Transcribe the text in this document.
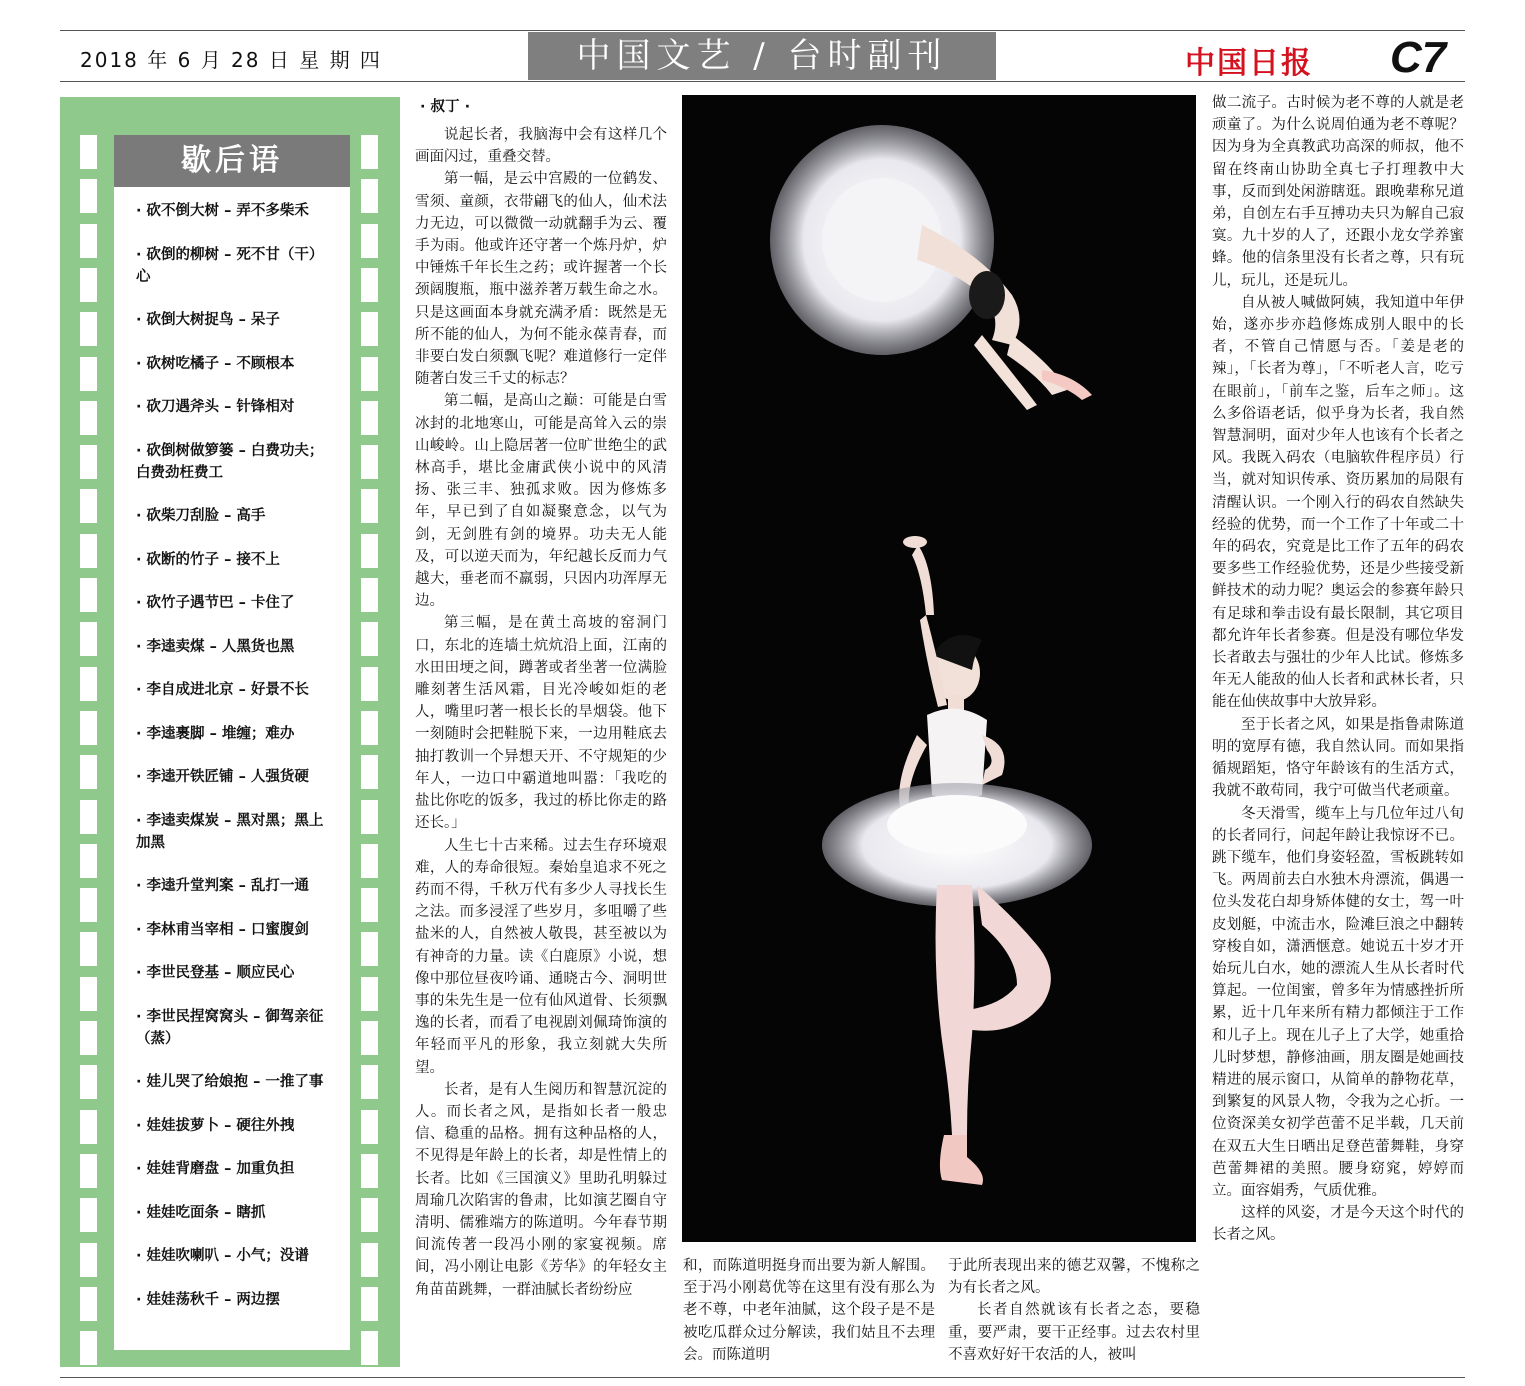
2018 年 6 月 28 日 星 期 四	中国文艺 / 台时副刊	中国日报 C7
歇后语
· 砍不倒大树 – 弄不多柴禾
· 砍倒的柳树 – 死不甘（干）心
· 砍倒大树捉鸟 – 呆子
· 砍树吃橘子 – 不顾根本
· 砍刀遇斧头 – 针锋相对
· 砍倒树做箩篓 – 白费功夫；白费劲枉费工
· 砍柴刀刮脸 – 高手
· 砍断的竹子 – 接不上
· 砍竹子遇节巴 – 卡住了
· 李逵卖煤 – 人黑货也黑
· 李自成进北京 – 好景不长
· 李逵裹脚 – 堆缠；难办
· 李逵开铁匠铺 – 人强货硬
· 李逵卖煤炭 – 黑对黑；黑上加黑
· 李逵升堂判案 – 乱打一通
· 李林甫当宰相 – 口蜜腹剑
· 李世民登基 – 顺应民心
· 李世民捏窝窝头 – 御驾亲征（蒸）
· 娃儿哭了给娘抱 – 一推了事
· 娃娃拔萝卜 – 硬往外拽
· 娃娃背磨盘 – 加重负担
· 娃娃吃面条 – 瞎抓
· 娃娃吹喇叭 – 小气；没谱
· 娃娃荡秋千 – 两边摆
· 叔丁 ·

说起长者，我脑海中会有这样几个画面闪过，重叠交替。

第一幅，是云中宫殿的一位鹤发、雪须、童颜，衣带翩飞的仙人，仙术法力无边，可以微微一动就翻手为云、覆手为雨。他或许还守著一个炼丹炉，炉中锤炼千年长生之药；或许握著一个长颈阔腹瓶，瓶中滋养著万载生命之水。只是这画面本身就充满矛盾：既然是无所不能的仙人，为何不能永葆青春，而非要白发白须飘飞呢？难道修行一定伴随著白发三千丈的标志？

第二幅，是高山之巅：可能是白雪冰封的北地寒山，可能是高耸入云的崇山峻岭。山上隐居著一位旷世绝尘的武林高手，堪比金庸武侠小说中的风清扬、张三丰、独孤求败。因为修炼多年，早已到了自如凝聚意念，以气为剑，无剑胜有剑的境界。功夫无人能及，可以逆天而为，年纪越长反而力气越大，垂老而不羸弱，只因内功浑厚无边。

第三幅，是在黄土高坡的窑洞门口，东北的连墙土炕炕沿上面，江南的水田田埂之间，蹲著或者坐著一位满脸雕刻著生活风霜，目光冷峻如炬的老人，嘴里叼著一根长长的旱烟袋。他下一刻随时会把鞋脱下来，一边用鞋底去抽打教训一个异想天开、不守规矩的少年人，一边口中霸道地叫嚣：「我吃的盐比你吃的饭多，我过的桥比你走的路还长。」

人生七十古来稀。过去生存环境艰难，人的寿命很短。秦始皇追求不死之药而不得，千秋万代有多少人寻找长生之法。而多浸淫了些岁月，多咀嚼了些盐米的人，自然被人敬畏，甚至被以为有神奇的力量。读《白鹿原》小说，想像中那位昼夜吟诵、通晓古今、洞明世事的朱先生是一位有仙风道骨、长须飘逸的长者，而看了电视剧刘佩琦饰演的年轻而平凡的形象，我立刻就大失所望。

长者，是有人生阅历和智慧沉淀的人。而长者之风，是指如长者一般忠信、稳重的品格。拥有这种品格的人，不见得是年龄上的长者，却是性情上的长者。比如《三国演义》里助孔明躲过周瑜几次陷害的鲁肃，比如演艺圈自守清明、儒雅端方的陈道明。今年春节期间流传著一段冯小刚的家宴视频。席间，冯小刚让电影《芳华》的年轻女主角苗苗跳舞，一群油腻长者纷纷应

和，而陈道明挺身而出要为新人解围。至于冯小刚葛优等在这里有没有那么为老不尊，中老年油腻，这个段子是不是被吃瓜群众过分解读，我们姑且不去理会。而陈道明

于此所表现出来的德艺双馨，不愧称之为有长者之风。

长者自然就该有长者之态，要稳重，要严肃，要干正经事。过去农村里不喜欢好好干农活的人，被叫

做二流子。古时候为老不尊的人就是老顽童了。为什么说周伯通为老不尊呢？因为身为全真教武功高深的师叔，他不留在终南山协助全真七子打理教中大事，反而到处闲游瞎逛。跟晚辈称兄道弟，自创左右手互搏功夫只为解自己寂寞。九十岁的人了，还跟小龙女学养蜜蜂。他的信条里没有长者之尊，只有玩儿，玩儿，还是玩儿。

自从被人喊做阿姨，我知道中年伊始，遂亦步亦趋修炼成别人眼中的长者，不管自己情愿与否。「姜是老的辣」，「长者为尊」，「不听老人言，吃亏在眼前」，「前车之鉴，后车之师」。这么多俗语老话，似乎身为长者，我自然智慧洞明，面对少年人也该有个长者之风。我既入码农（电脑软件程序员）行当，就对知识传承、资历累加的局限有清醒认识。一个刚入行的码农自然缺失经验的优势，而一个工作了十年或二十年的码农，究竟是比工作了五年的码农要多些工作经验优势，还是少些接受新鲜技术的动力呢？奥运会的参赛年龄只有足球和拳击设有最长限制，其它项目都允许年长者参赛。但是没有哪位华发长者敢去与强壮的少年人比试。修炼多年无人能敌的仙人长者和武林长者，只能在仙侠故事中大放异彩。

至于长者之风，如果是指鲁肃陈道明的宽厚有德，我自然认同。而如果指循规蹈矩，恪守年龄该有的生活方式，我就不敢苟同，我宁可做当代老顽童。

冬天滑雪，缆车上与几位年过八旬的长者同行，问起年龄让我惊讶不已。跳下缆车，他们身姿轻盈，雪板跳转如飞。两周前去白水独木舟漂流，偶遇一位头发花白却身矫体健的女士，驾一叶皮划艇，中流击水，险滩巨浪之中翻转穿梭自如，潇洒惬意。她说五十岁才开始玩儿白水，她的漂流人生从长者时代算起。一位闺蜜，曾多年为情感挫折所累，近十几年来所有精力都倾注于工作和儿子上。现在儿子上了大学，她重拾儿时梦想，静修油画，朋友圈是她画技精进的展示窗口，从简单的静物花草，到繁复的风景人物，令我为之心折。一位资深美女初学芭蕾不足半载，几天前在双五大生日晒出足登芭蕾舞鞋，身穿芭蕾舞裙的美照。腰身窈窕，婷婷而立。面容娟秀，气质优雅。

这样的风姿，才是今天这个时代的长者之风。
